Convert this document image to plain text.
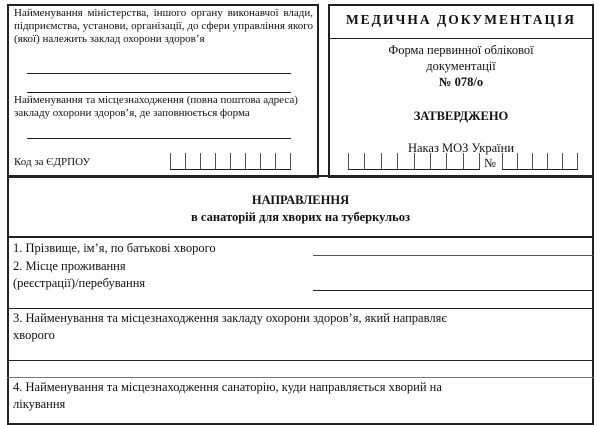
Найменування міністерства, іншого органу виконавчої влади, підприємства, установи, організації, до сфери управління якого (якої) належить заклад охорони здоров’я
Найменування та місцезнаходження (повна поштова адреса) закладу охорони здоров’я, де заповнюється форма
Код за ЄДРПОУ
МЕДИЧНА ДОКУМЕНТАЦІЯ
Форма первинної облікової
документації
№ 078/о
ЗАТВЕРДЖЕНО
Наказ МОЗ України
№
НАПРАВЛЕННЯ
в санаторій для хворих на туберкульоз
1. Прізвище, ім’я, по батькові хворого
2. Місце проживання
(реєстрації)/перебування
3. Найменування та місцезнаходження закладу охорони здоров’я, який направляє
хворого
4. Найменування та місцезнаходження санаторію, куди направляється хворий на
лікування
